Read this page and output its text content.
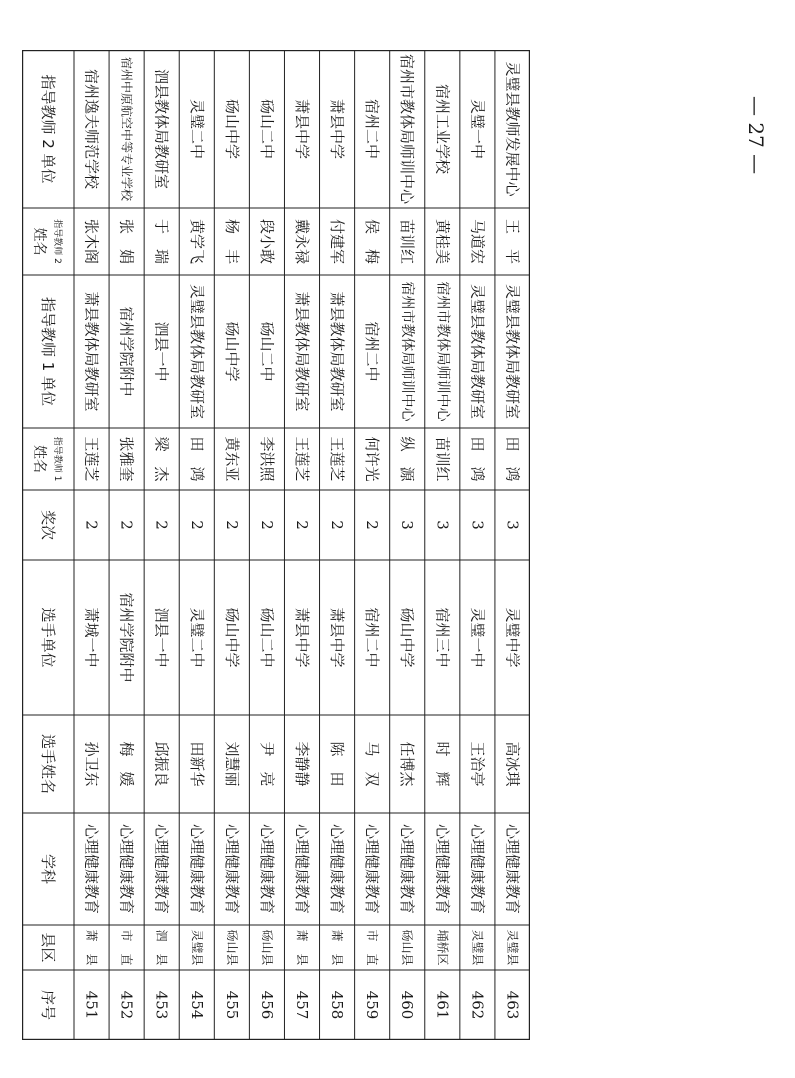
序号
县区
学科
选手姓名
选手单位
奖次
指导教师 1
姓名
指导教师 1 单位
指导教师 2
姓名
指导教师 2 单位
451
萧　县
心理健康教育
孙卫东
萧城一中
2
王莲芝
萧县教体局教研室
张木阁
宿州逸夫师范学校
452
市　直
心理健康教育
梅　媛
宿州学院附中
2
张雅奎
宿州学院附中
张　娟
宿州中原航空中等专业学校
453
泗　县
心理健康教育
邱振良
泗县一中
2
梁　杰
泗县一中
于　瑞
泗县教体局教研室
454
灵璧县
心理健康教育
田新华
灵璧二中
2
田　鸿
灵璧县教体局教研室
黄学飞
灵璧二中
455
砀山县
心理健康教育
刘慧丽
砀山中学
2
黄东亚
砀山中学
杨　丰
砀山中学
456
砀山县
心理健康教育
尹　亮
砀山二中
2
李洪照
砀山二中
段小敢
砀山二中
457
萧　县
心理健康教育
李静静
萧县中学
2
王莲芝
萧县教体局教研室
戴永禄
萧县中学
458
萧　县
心理健康教育
陈　田
萧县中学
2
王莲芝
萧县教体局教研室
付建军
萧县中学
459
市　直
心理健康教育
马　双
宿州二中
2
何许光
宿州二中
侯　梅
宿州二中
460
砀山县
心理健康教育
任博杰
砀山中学
3
纵　源
宿州市教体局师训中心
苗训红
宿州市教体局师训中心
461
埇桥区
心理健康教育
时　辉
宿州三中
3
苗训红
宿州市教体局师训中心
黄桂美
宿州工业学校
462
灵璧县
心理健康教育
王治亭
灵璧一中
3
田　鸿
灵璧县教体局教研室
马道宏
灵璧一中
463
灵璧县
心理健康教育
高冰琪
灵璧中学
3
田　鸿
灵璧县教体局教研室
王　平
灵璧县教师发展中心	— 27 —
